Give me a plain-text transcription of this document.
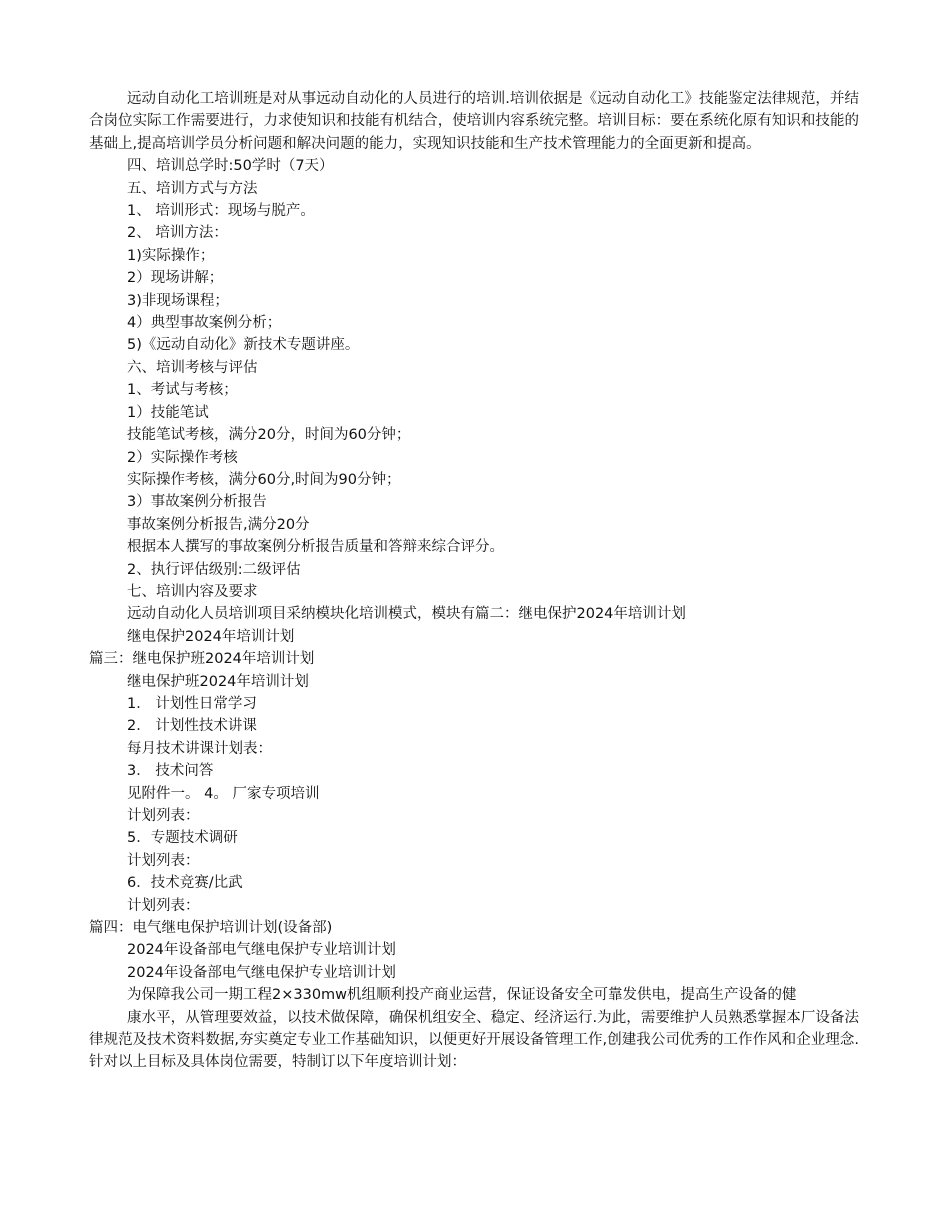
远动自动化工培训班是对从事远动自动化的人员进行的培训.培训依据是《远动自动化工》技能鉴定法律规范，并结合岗位实际工作需要进行，力求使知识和技能有机结合，使培训内容系统完整。培训目标：要在系统化原有知识和技能的基础上,提高培训学员分析问题和解决问题的能力，实现知识技能和生产技术管理能力的全面更新和提高。
四、培训总学时:50学时（7天）
五、培训方式与方法
1、 培训形式：现场与脱产。
2、 培训方法：
1)实际操作；
2）现场讲解；
3)非现场课程；
4）典型事故案例分析；
5)《远动自动化》新技术专题讲座。
六、培训考核与评估
1、考试与考核；
1）技能笔试
技能笔试考核，满分20分，时间为60分钟；
2）实际操作考核
实际操作考核，满分60分,时间为90分钟；
3）事故案例分析报告
事故案例分析报告,满分20分
根据本人撰写的事故案例分析报告质量和答辩来综合评分。
2、执行评估级别:二级评估
七、培训内容及要求
远动自动化人员培训项目采纳模块化培训模式，模块有篇二：继电保护2024年培训计划
继电保护2024年培训计划
篇三：继电保护班2024年培训计划
继电保护班2024年培训计划
1． 计划性日常学习
2． 计划性技术讲课
每月技术讲课计划表：
3． 技术问答
见附件一。 4。 厂家专项培训
计划列表：
5．专题技术调研
计划列表：
6．技术竞赛/比武
计划列表：
篇四：电气继电保护培训计划(设备部)
2024年设备部电气继电保护专业培训计划
2024年设备部电气继电保护专业培训计划
为保障我公司一期工程2×330mw机组顺利投产商业运营，保证设备安全可靠发供电，提高生产设备的健
康水平，从管理要效益，以技术做保障，确保机组安全、稳定、经济运行.为此，需要维护人员熟悉掌握本厂设备法律规范及技术资料数据,夯实奠定专业工作基础知识，以便更好开展设备管理工作,创建我公司优秀的工作作风和企业理念.针对以上目标及具体岗位需要，特制订以下年度培训计划：
